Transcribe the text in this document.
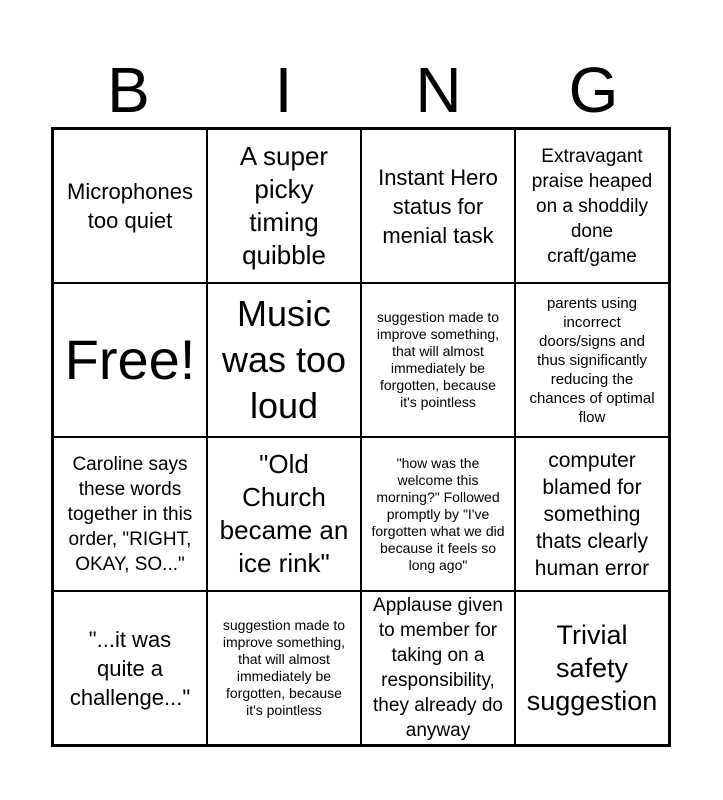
B	I	N	G
Microphones
too quiet
A super
picky
timing
quibble
Instant Hero
status for
menial task
Extravagant
praise heaped
on a shoddily
done
craft/game
Free!
Music
was too
loud
suggestion made to
improve something,
that will almost
immediately be
forgotten, because
it's pointless
parents using
incorrect
doors/signs and
thus significantly
reducing the
chances of optimal
flow
Caroline says
these words
together in this
order, "RIGHT,
OKAY, SO..."
"Old
Church
became an
ice rink"
"how was the
welcome this
morning?" Followed
promptly by "I've
forgotten what we did
because it feels so
long ago"
computer
blamed for
something
thats clearly
human error
"...it was
quite a
challenge..."
suggestion made to
improve something,
that will almost
immediately be
forgotten, because
it's pointless
Applause given
to member for
taking on a
responsibility,
they already do
anyway
Trivial
safety
suggestion
